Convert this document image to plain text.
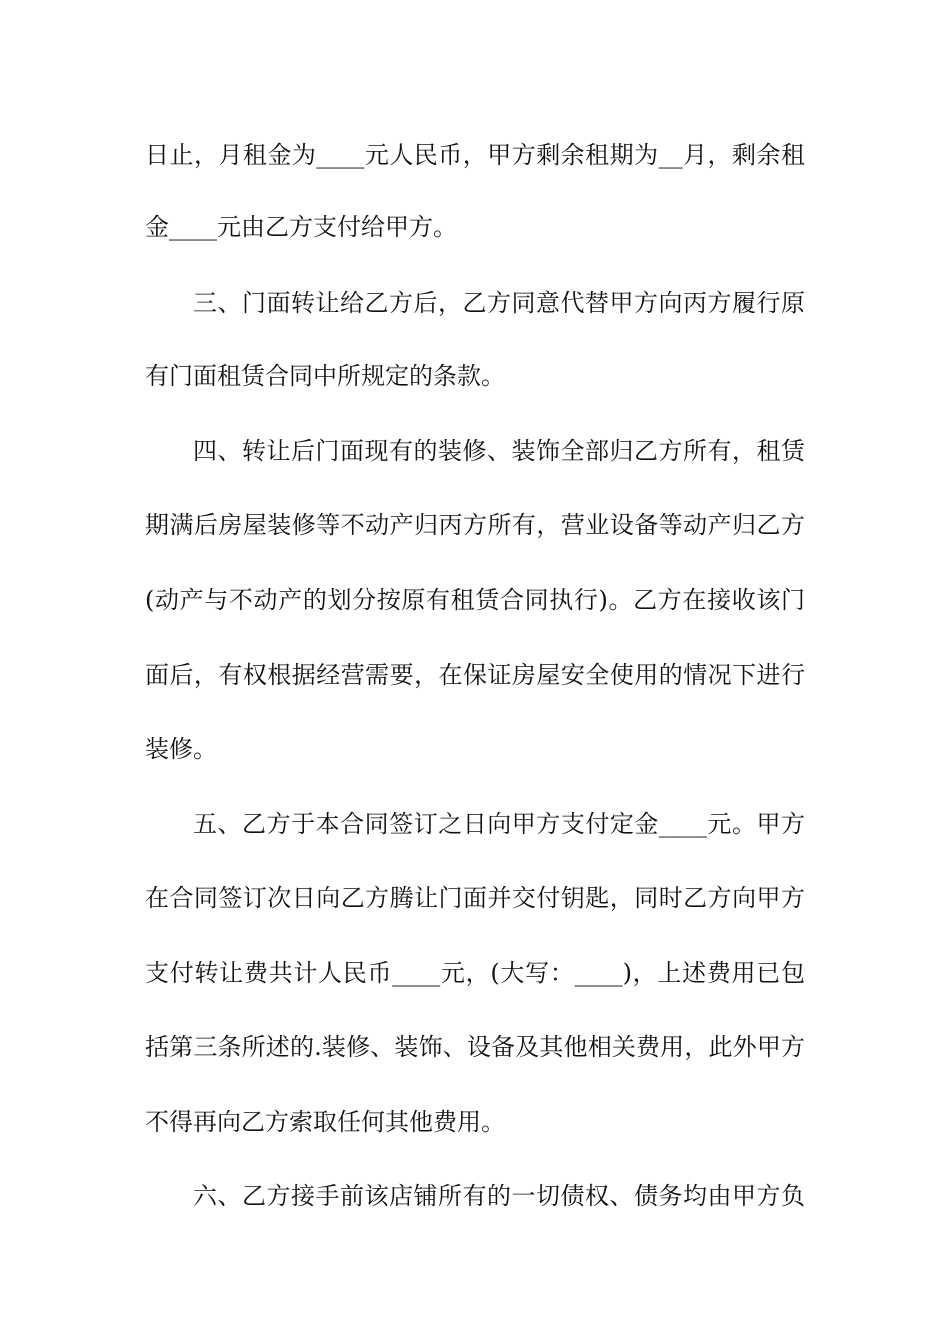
日止，月租金为____元人民币，甲方剩余租期为__月，剩余租
金____元由乙方支付给甲方。
三、门面转让给乙方后，乙方同意代替甲方向丙方履行原
有门面租赁合同中所规定的条款。
四、转让后门面现有的装修、装饰全部归乙方所有，租赁
期满后房屋装修等不动产归丙方所有，营业设备等动产归乙方
(动产与不动产的划分按原有租赁合同执行)。乙方在接收该门
面后，有权根据经营需要，在保证房屋安全使用的情况下进行
装修。
五、乙方于本合同签订之日向甲方支付定金____元。甲方
在合同签订次日向乙方腾让门面并交付钥匙，同时乙方向甲方
支付转让费共计人民币____元，(大写：____)，上述费用已包
括第三条所述的.装修、装饰、设备及其他相关费用，此外甲方
不得再向乙方索取任何其他费用。
六、乙方接手前该店铺所有的一切债权、债务均由甲方负
